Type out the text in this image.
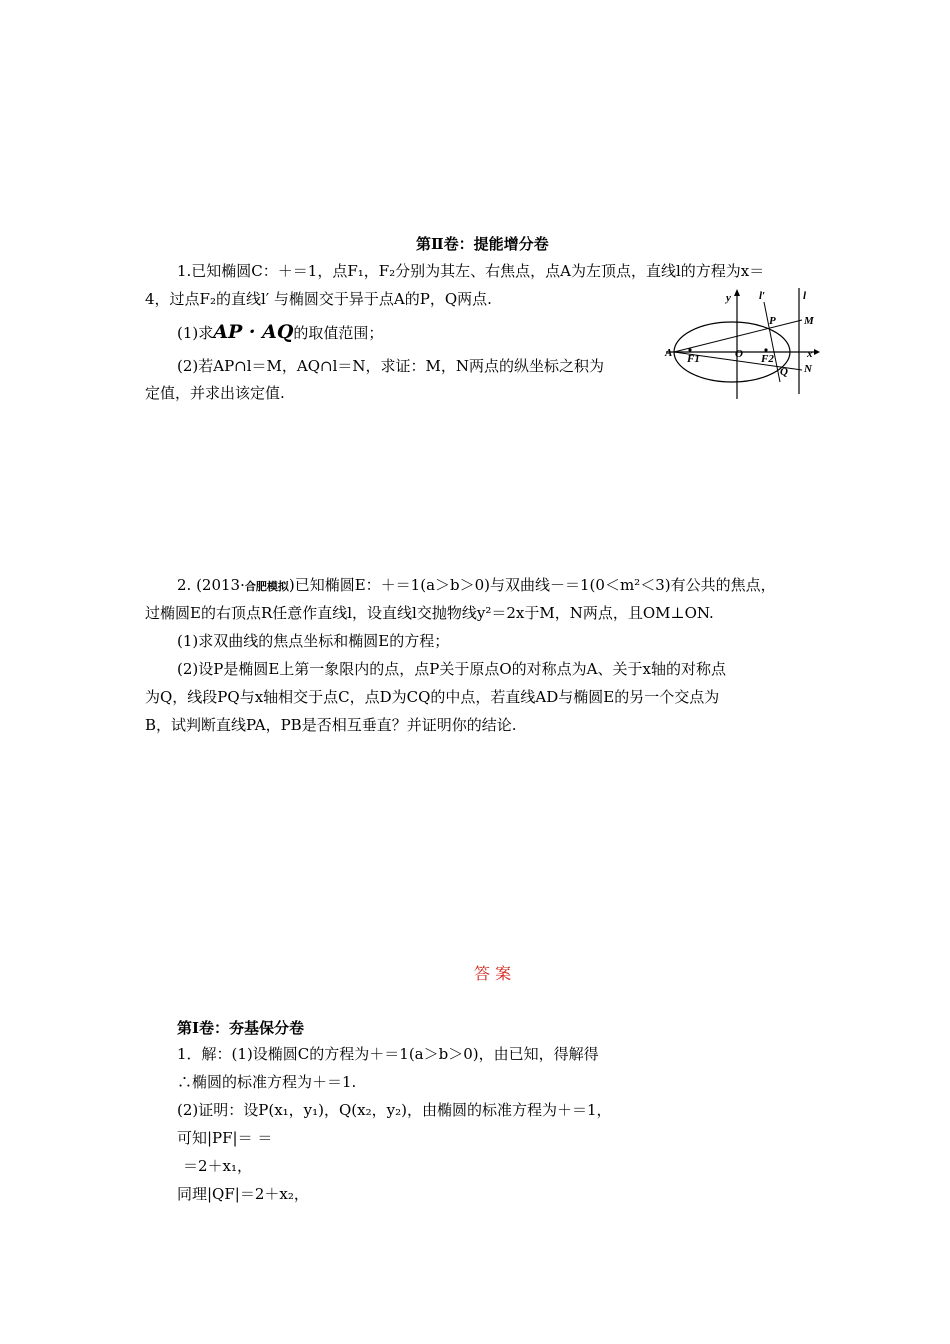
第Ⅱ卷：提能增分卷
1.已知椭圆C：＋＝1，点F₁，F₂分别为其左、右焦点，点A为左顶点，直线l的方程为x＝
4，过点F₂的直线l′ 与椭圆交于异于点A的P，Q两点.
(1)求AP · AQ的取值范围；
(2)若AP∩l＝M，AQ∩l＝N，求证：M，N两点的纵坐标之积为
定值，并求出该定值.
y	l′	l
M
P
A F1	O F2	x
Q N
2. (2013·合肥模拟)已知椭圆E：＋＝1(a＞b＞0)与双曲线－＝1(0＜m²＜3)有公共的焦点，
过椭圆E的右顶点R任意作直线l，设直线l交抛物线y²＝2x于M，N两点，且OM⊥ON.
(1)求双曲线的焦点坐标和椭圆E的方程；
(2)设P是椭圆E上第一象限内的点，点P关于原点O的对称点为A、关于x轴的对称点
为Q，线段PQ与x轴相交于点C，点D为CQ的中点，若直线AD与椭圆E的另一个交点为
B，试判断直线PA，PB是否相互垂直？并证明你的结论.
答 案
第Ⅰ卷：夯基保分卷
1．解：(1)设椭圆C的方程为＋＝1(a＞b＞0)，由已知，得解得
∴椭圆的标准方程为＋＝1.
(2)证明：设P(x₁，y₁)，Q(x₂，y₂)，由椭圆的标准方程为＋＝1，
可知|PF|＝ ＝
＝2＋x₁，
同理|QF|＝2＋x₂，
